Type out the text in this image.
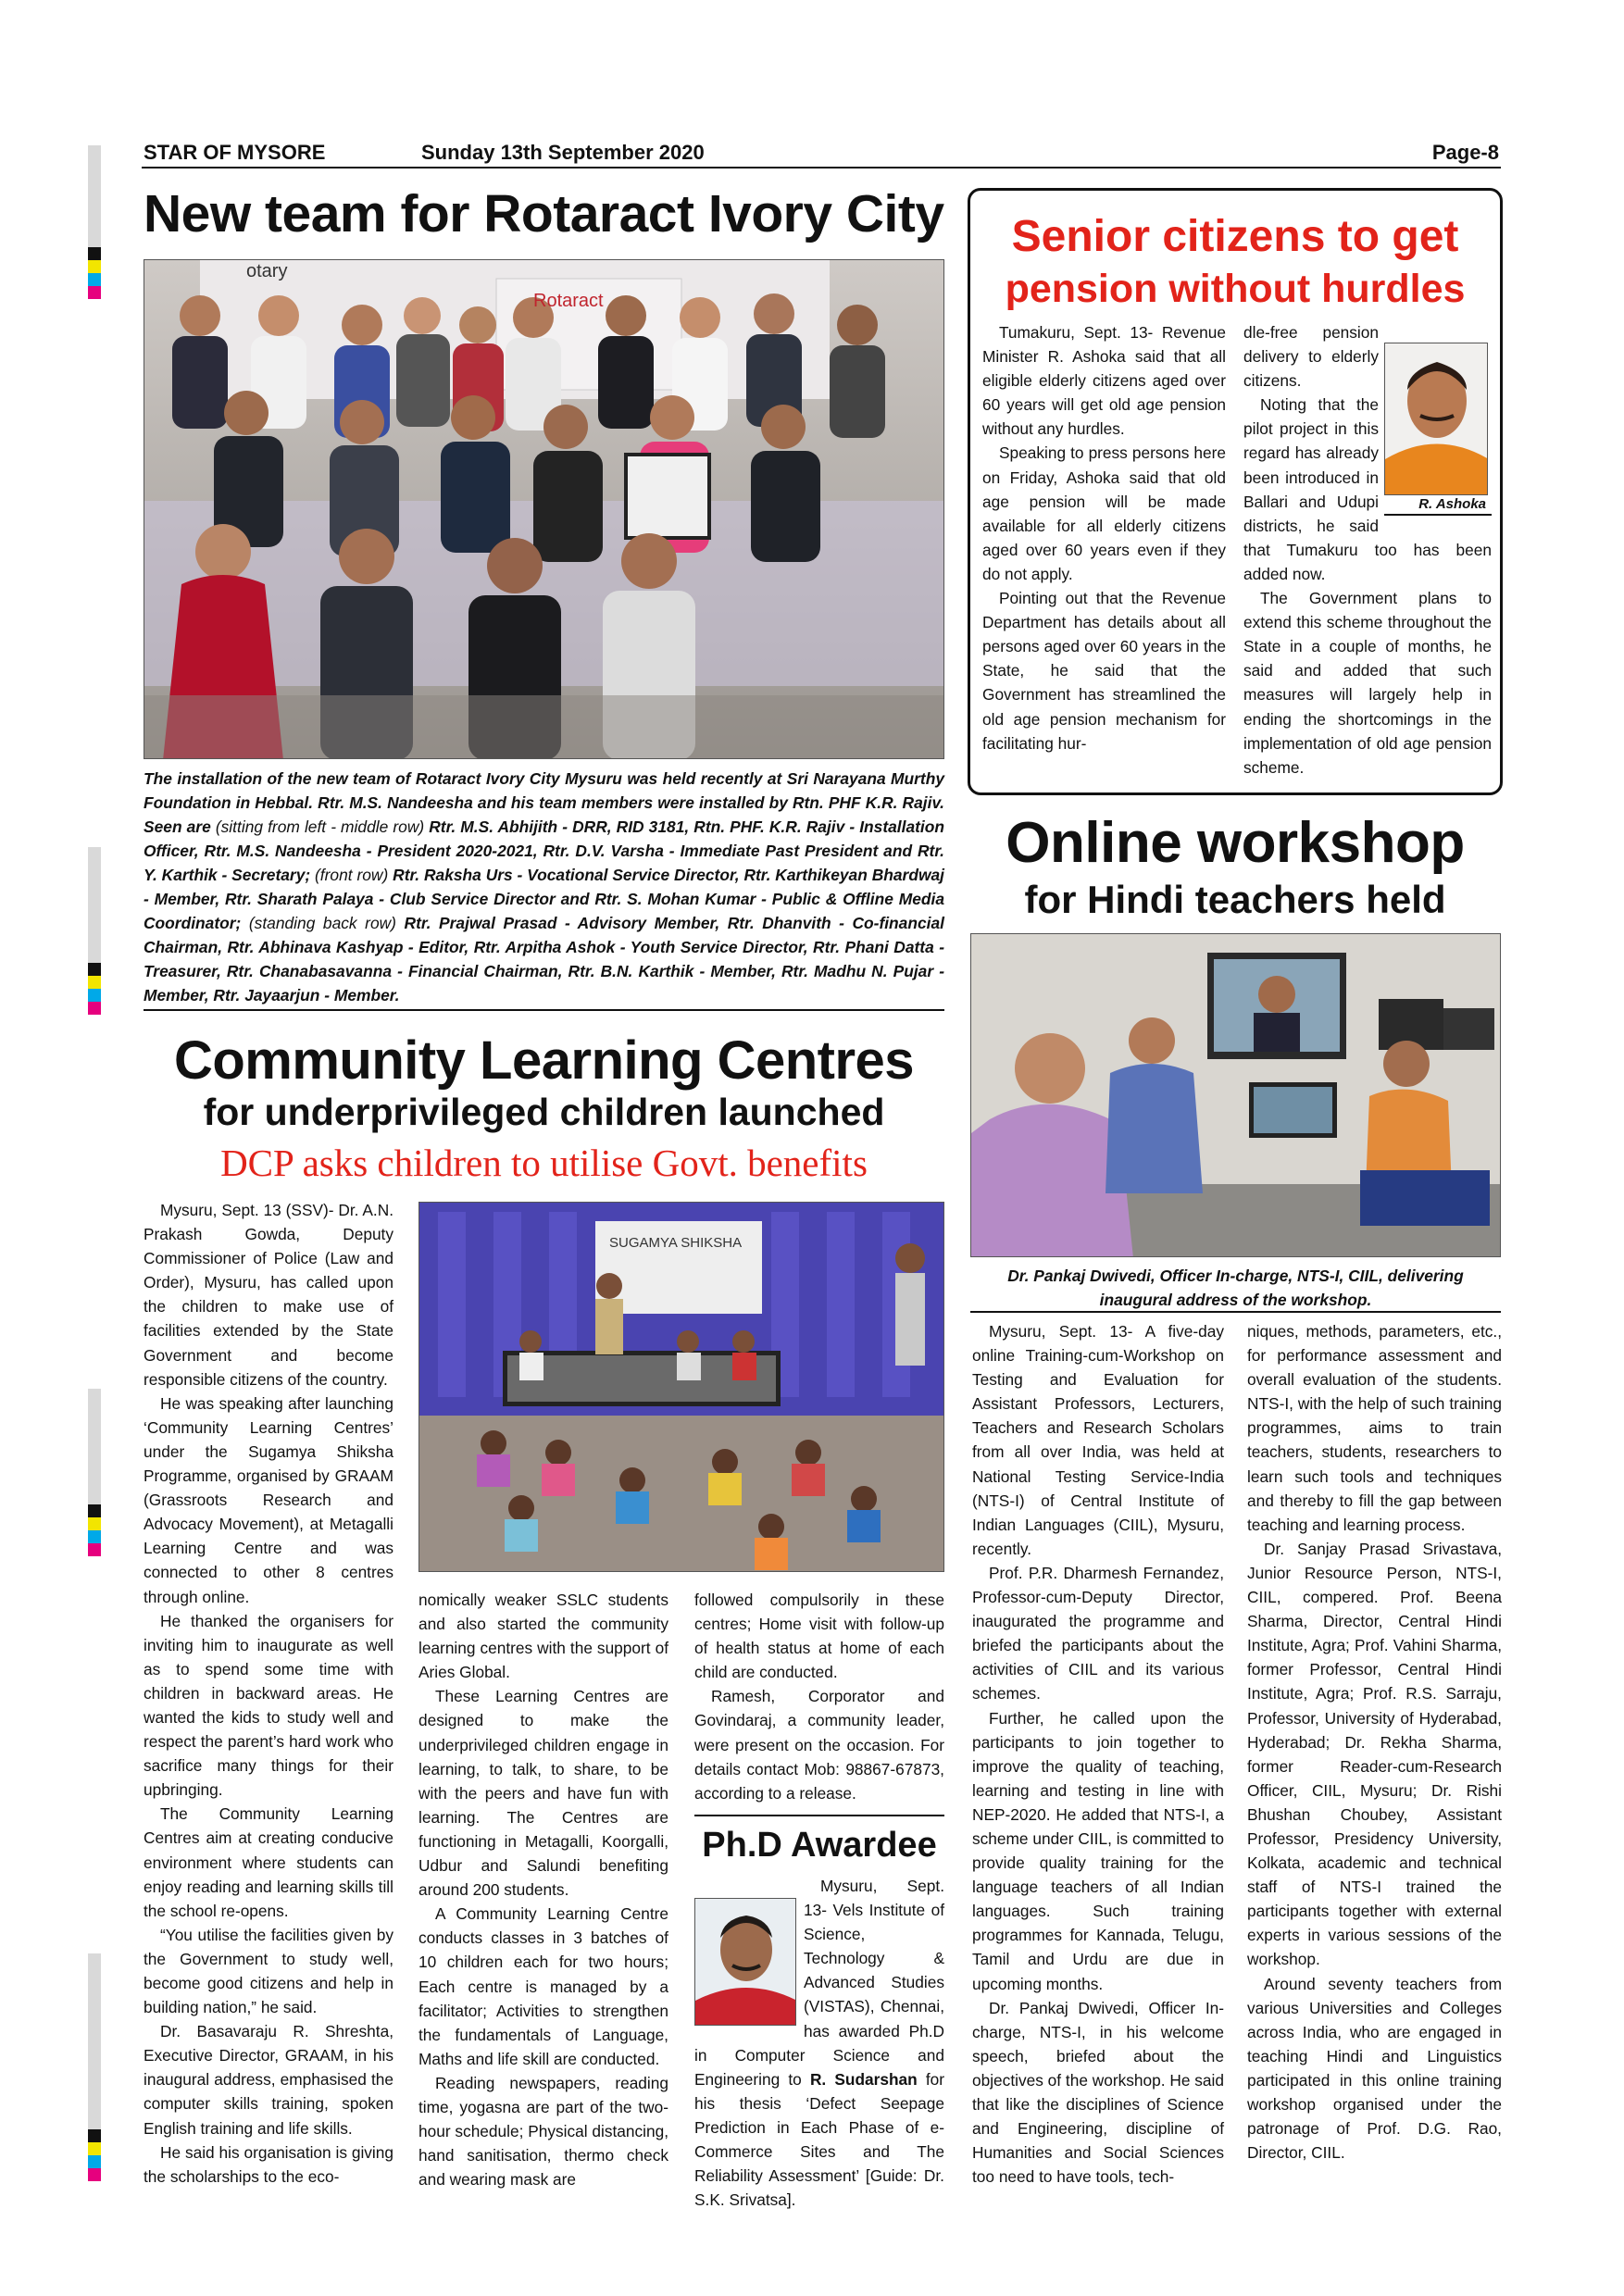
STAR OF MYSORE	Sunday 13th September 2020	Page-8
New team for Rotaract Ivory City
otary
Rotaract
The installation of the new team of Rotaract Ivory City Mysuru was held recently at Sri Narayana Murthy Foundation in Hebbal. Rtr. M.S. Nandeesha and his team members were installed by Rtn. PHF K.R. Rajiv. Seen are (sitting from left - middle row) Rtr. M.S. Abhijith - DRR, RID 3181, Rtn. PHF. K.R. Rajiv - Installation Officer, Rtr. M.S. Nandeesha - President 2020-2021, Rtr. D.V. Varsha - Immediate Past President and Rtr. Y. Karthik - Secretary; (front row) Rtr. Raksha Urs - Vocational Service Director, Rtr. Karthikeyan Bhardwaj - Member, Rtr. Sharath Palaya - Club Service Director and Rtr. S. Mohan Kumar - Public & Offline Media Coordinator; (standing back row) Rtr. Prajwal Prasad - Advisory Member, Rtr. Dhanvith - Co-financial Chairman, Rtr. Abhinava Kashyap - Editor, Rtr. Arpitha Ashok - Youth Service Director, Rtr. Phani Datta - Treasurer, Rtr. Chanabasavanna - Financial Chairman, Rtr. B.N. Karthik - Member, Rtr. Madhu N. Pujar - Member, Rtr. Jayaarjun - Member.
Senior citizens to get
pension without hurdles

Tumakuru, Sept. 13- Revenue Minister R. Ashoka said that all eligible elderly citizens aged over 60 years will get old age pension without any hurdles.

Speaking to press persons here on Friday, Ashoka said that old age pension will be made available for all elderly citizens aged over 60 years even if they do not apply.

Pointing out that the Revenue Department has details about all persons aged over 60 years in the State, he said that the Government has streamlined the old age pension mechanism for facilitating hur-

R. Ashoka

dle-free pension delivery to elderly citizens.

Noting that the pilot project in this regard has already been introduced in Ballari and Udupi districts, he said that Tumakuru too has been added now.

The Government plans to extend this scheme throughout the State in a couple of months, he said and added that such measures will largely help in ending the shortcomings in the implementation of old age pension scheme.

Online workshop
for Hindi teachers held
Dr. Pankaj Dwivedi, Officer In-charge, NTS-I, CIIL, delivering inaugural address of the workshop.

Mysuru, Sept. 13- A five-day online Training-cum-Workshop on Testing and Evaluation for Assistant Professors, Lecturers, Teachers and Research Scholars from all over India, was held at National Testing Service-India (NTS-I) of Central Institute of Indian Languages (CIIL), Mysuru, recently.

Prof. P.R. Dharmesh Fernandez, Professor-cum-Deputy Director, inaugurated the programme and briefed the participants about the activities of CIIL and its various schemes.

Further, he called upon the participants to join together to improve the quality of teaching, learning and testing in line with NEP-2020. He added that NTS-I, a scheme under CIIL, is committed to provide quality training for the language teachers of all Indian languages. Such training programmes for Kannada, Telugu, Tamil and Urdu are due in upcoming months.

Dr. Pankaj Dwivedi, Officer In-charge, NTS-I, in his welcome speech, briefed about the objectives of the workshop. He said that like the disciplines of Science and Engineering, discipline of Humanities and Social Sciences too need to have tools, tech-

niques, methods, parameters, etc., for performance assessment and overall evaluation of the students. NTS-I, with the help of such training programmes, aims to train teachers, students, researchers to learn such tools and techniques and thereby to fill the gap between teaching and learning process.

Dr. Sanjay Prasad Srivastava, Junior Resource Person, NTS-I, CIIL, compered. Prof. Beena Sharma, Director, Central Hindi Institute, Agra; Prof. Vahini Sharma, former Professor, Central Hindi Institute, Agra; Prof. R.S. Sarraju, Professor, University of Hyderabad, Hyderabad; Dr. Rekha Sharma, former Reader-cum-Research Officer, CIIL, Mysuru; Dr. Rishi Bhushan Choubey, Assistant Professor, Presidency University, Kolkata, academic and technical staff of NTS-I trained the participants together with external experts in various sessions of the workshop.

Around seventy teachers from various Universities and Colleges across India, who are engaged in teaching Hindi and Linguistics participated in this online training workshop organised under the patronage of Prof. D.G. Rao, Director, CIIL.

Community Learning Centres
for underprivileged children launched
DCP asks children to utilise Govt. benefits
SUGAMYA SHIKSHA

Mysuru, Sept. 13 (SSV)- Dr. A.N. Prakash Gowda, Deputy Commissioner of Police (Law and Order), Mysuru, has called upon the children to make use of facilities extended by the State Government and become responsible citizens of the country.

He was speaking after launching ‘Community Learning Centres’ under the Sugamya Shiksha Programme, organised by GRAAM (Grassroots Research and Advocacy Movement), at Metagalli Learning Centre and was connected to other 8 centres through online.

He thanked the organisers for inviting him to inaugurate as well as to spend some time with children in backward areas. He wanted the kids to study well and respect the parent’s hard work who sacrifice many things for their upbringing.

The Community Learning Centres aim at creating conducive environment where students can enjoy reading and learning skills till the school re-opens.

“You utilise the facilities given by the Government to study well, become good citizens and help in building nation,” he said.

Dr. Basavaraju R. Shreshta, Executive Director, GRAAM, in his inaugural address, emphasised the computer skills training, spoken English training and life skills.

He said his organisation is giving the scholarships to the eco-

nomically weaker SSLC students and also started the community learning centres with the support of Aries Global.

These Learning Centres are designed to make the underprivileged children engage in learning, to talk, to share, to be with the peers and have fun with learning. The Centres are functioning in Metagalli, Koorgalli, Udbur and Salundi benefiting around 200 students.

A Community Learning Centre conducts classes in 3 batches of 10 children each for two hours; Each centre is managed by a facilitator; Activities to strengthen the fundamentals of Language, Maths and life skill are conducted.

Reading newspapers, reading time, yogasna are part of the two-hour schedule; Physical distancing, hand sanitisation, thermo check and wearing mask are

followed compulsorily in these centres; Home visit with follow-up of health status at home of each child are conducted.

Ramesh, Corporator and Govindaraj, a community leader, were present on the occasion. For details contact Mob: 98867-67873, according to a release.

Ph.D Awardee

Mysuru, Sept. 13- Vels Institute of Science, Technology & Advanced Studies (VISTAS), Chennai, has awarded Ph.D in Computer Science and Engineering to R. Sudarshan for his thesis ‘Defect Seepage Prediction in Each Phase of e-Commerce Sites and The Reliability Assessment’ [Guide: Dr. S.K. Srivatsa].
